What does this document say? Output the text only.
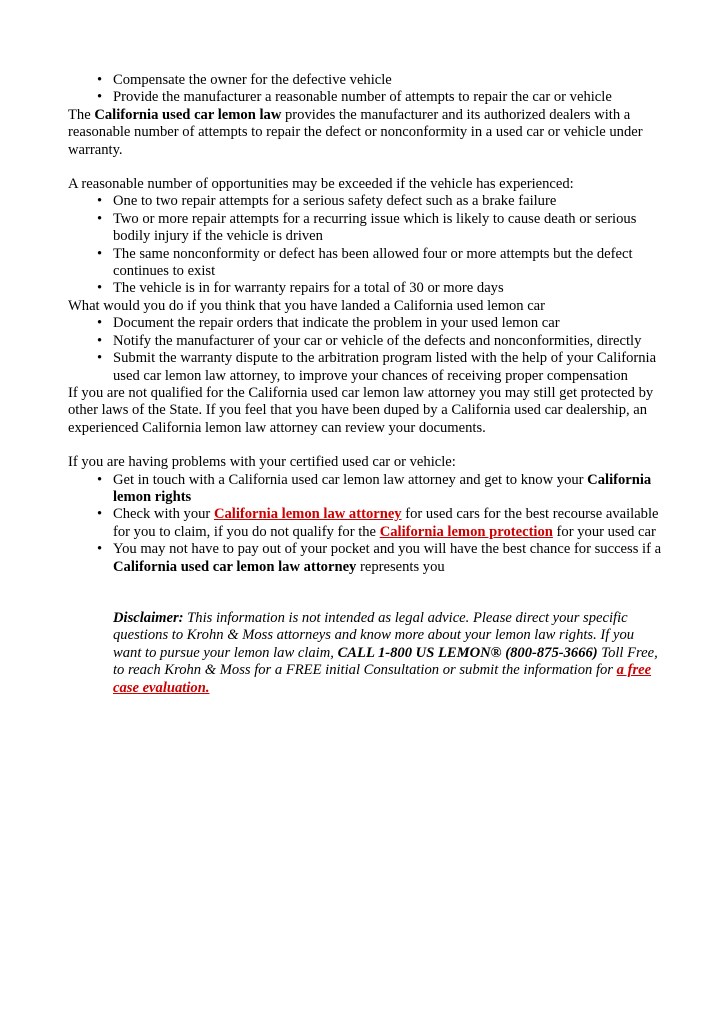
• Compensate the owner for the defective vehicle
• Provide the manufacturer a reasonable number of attempts to repair the car or vehicle

The California used car lemon law provides the manufacturer and its authorized dealers with a reasonable number of attempts to repair the defect or nonconformity in a used car or vehicle under warranty.

A reasonable number of opportunities may be exceeded if the vehicle has experienced:

• One to two repair attempts for a serious safety defect such as a brake failure
• Two or more repair attempts for a recurring issue which is likely to cause death or serious bodily injury if the vehicle is driven
• The same nonconformity or defect has been allowed four or more attempts but the defect continues to exist
• The vehicle is in for warranty repairs for a total of 30 or more days

What would you do if you think that you have landed a California used lemon car

• Document the repair orders that indicate the problem in your used lemon car
• Notify the manufacturer of your car or vehicle of the defects and nonconformities, directly
• Submit the warranty dispute to the arbitration program listed with the help of your California used car lemon law attorney, to improve your chances of receiving proper compensation

If you are not qualified for the California used car lemon law attorney you may still get protected by other laws of the State. If you feel that you have been duped by a California used car dealership, an experienced California lemon law attorney can review your documents.

If you are having problems with your certified used car or vehicle:

• Get in touch with a California used car lemon law attorney and get to know your California lemon rights
• Check with your California lemon law attorney for used cars for the best recourse available for you to claim, if you do not qualify for the California lemon protection for your used car
• You may not have to pay out of your pocket and you will have the best chance for success if a California used car lemon law attorney represents you

Disclaimer: This information is not intended as legal advice. Please direct your specific questions to Krohn & Moss attorneys and know more about your lemon law rights. If you want to pursue your lemon law claim, CALL 1-800 US LEMON® (800-875-3666) Toll Free, to reach Krohn & Moss for a FREE initial Consultation or submit the information for a free case evaluation.
